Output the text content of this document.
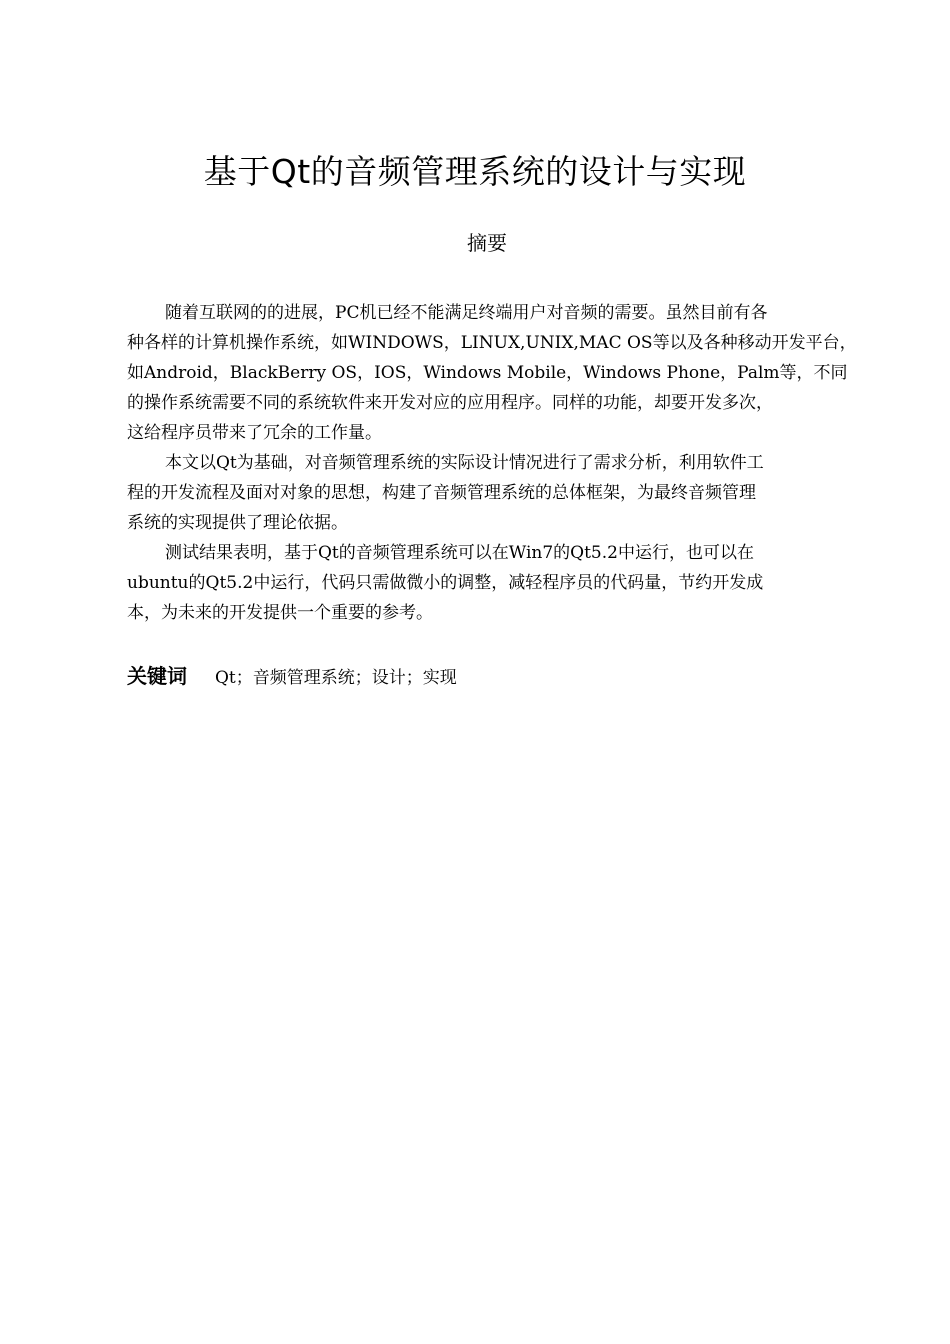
基于Qt的音频管理系统的设计与实现
摘要

随着互联网的的进展，PC机已经不能满足终端用户对音频的需要。虽然目前有各
种各样的计算机操作系统，如WINDOWS，LINUX,UNIX,MAC OS等以及各种移动开发平台，
如Android，BlackBerry OS，IOS，Windows Mobile，Windows Phone，Palm等，不同
的操作系统需要不同的系统软件来开发对应的应用程序。同样的功能，却要开发多次，
这给程序员带来了冗余的工作量。

本文以Qt为基础，对音频管理系统的实际设计情况进行了需求分析，利用软件工
程的开发流程及面对对象的思想，构建了音频管理系统的总体框架，为最终音频管理
系统的实现提供了理论依据。

测试结果表明，基于Qt的音频管理系统可以在Win7的Qt5.2中运行，也可以在
ubuntu的Qt5.2中运行，代码只需做微小的调整，减轻程序员的代码量，节约开发成
本，为未来的开发提供一个重要的参考。

关键词 Qt；音频管理系统；设计；实现
